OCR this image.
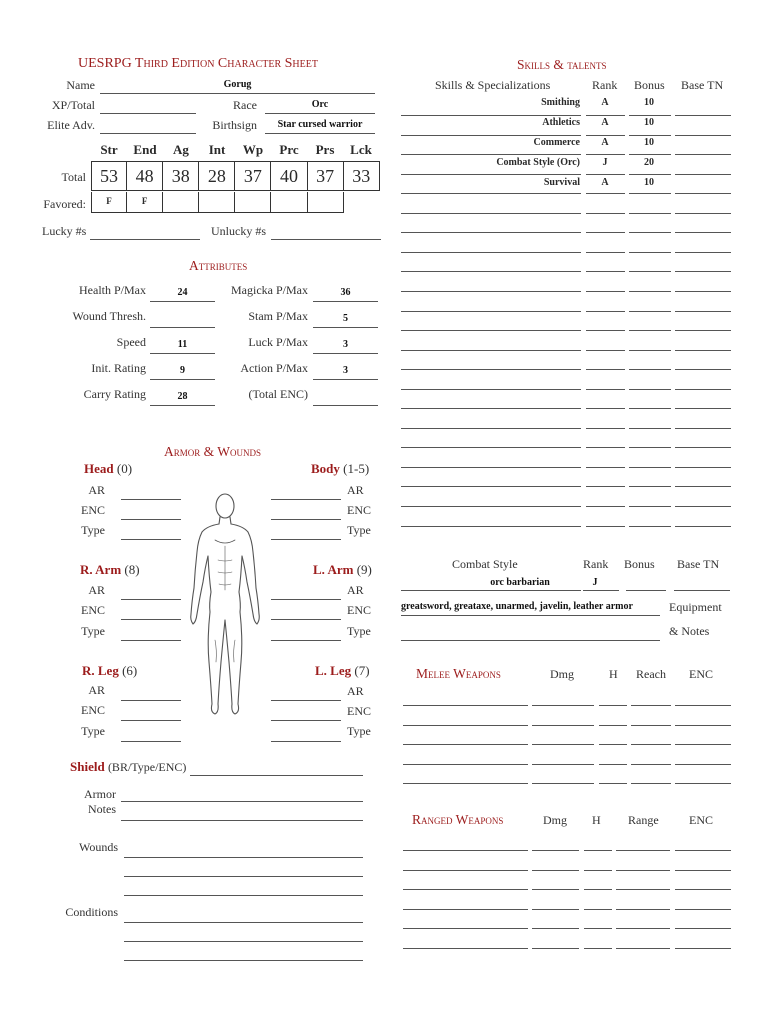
UESRPG Third Edition Character Sheet
Name	Gorug
XP/Total	Race	Orc
Elite Adv.	Birthsign	Star cursed warrior
Str	End	Ag	Int	Wp	Prc	Prs	Lck
Total 53 48	38	28	37	40	37	33
Favored:	F	F
Lucky #s	Unlucky #s
Attributes
Health P/Max	24	Magicka P/Max	36
Wound Thresh.	Stam P/Max	5
Speed	11	Luck P/Max	3
Init. Rating	9	Action P/Max	3
Carry Rating	28	(Total ENC)
Armor & Wounds
Head (0)
AR
ENC
Type
Body (1-5)
AR
ENC
Type
R. Arm (8)
AR
ENC
Type
L. Arm (9)
AR
ENC
Type
R. Leg (6)
AR
ENC
Type
L. Leg (7)
AR
ENC
Type
Shield (BR/Type/ENC)
Armor
Notes
Wounds
Conditions
Skills & talents
Skills & Specializations	Rank Bonus Base TN
Smithing	A	10
Athletics	A	10
Commerce	A	10
Combat Style (Orc)	J	20
Survival	A	10
Combat Style	Rank Bonus Base TN
orc barbarian	J
greatsword, greataxe, unarmed, javelin, leather armor	Equipment
& Notes
Melee Weapons	Dmg	H Reach ENC
Ranged Weapons	Dmg H Range	ENC
